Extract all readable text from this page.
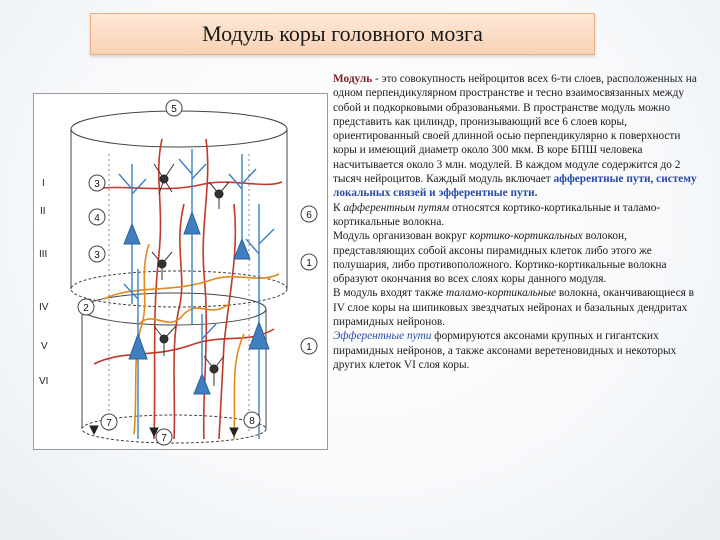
Модуль коры головного мозга
I
II
III
IV
V
VI
5
3
4
3
2
6
1
1
7
7
8

Модуль - это совокупность нейроцитов всех 6-ти слоев, расположенных на одном перпендикулярном пространстве и тесно взаимосвязанных между собой и подкорковыми образованьями. В пространстве модуль можно представить как цилиндр, пронизывающий все 6 слоев коры, ориентированный своей длинной осью перпендикулярно к поверхности коры и имеющий диаметр около 300 мкм. В коре БПШ человека насчитывается около 3 млн. модулей. В каждом модуле содержится до 2 тысяч нейроцитов. Каждый модуль включает афферентные пути, систему локальных связей и эфферентные пути.

К афферентным путям относятся кортико-кортикальные и таламо-кортикальные волокна.

Модуль организован вокруг кортико-кортикальных волокон, представляющих собой аксоны пирамидных клеток либо этого же полушария, либо противоположного. Кортико-кортикальные волокна образуют окончания во всех слоях коры данного модуля.

В модуль входят также таламо-кортикальные волокна, оканчивающиеся в IV слое коры на шипиковых звездчатых нейронах и базальных дендритах пирамидных нейронов.

Эфферентные пути формируются аксонами крупных и гигантских пирамидных нейронов, а также аксонами веретеновидных и некоторых других клеток VI слоя коры.
